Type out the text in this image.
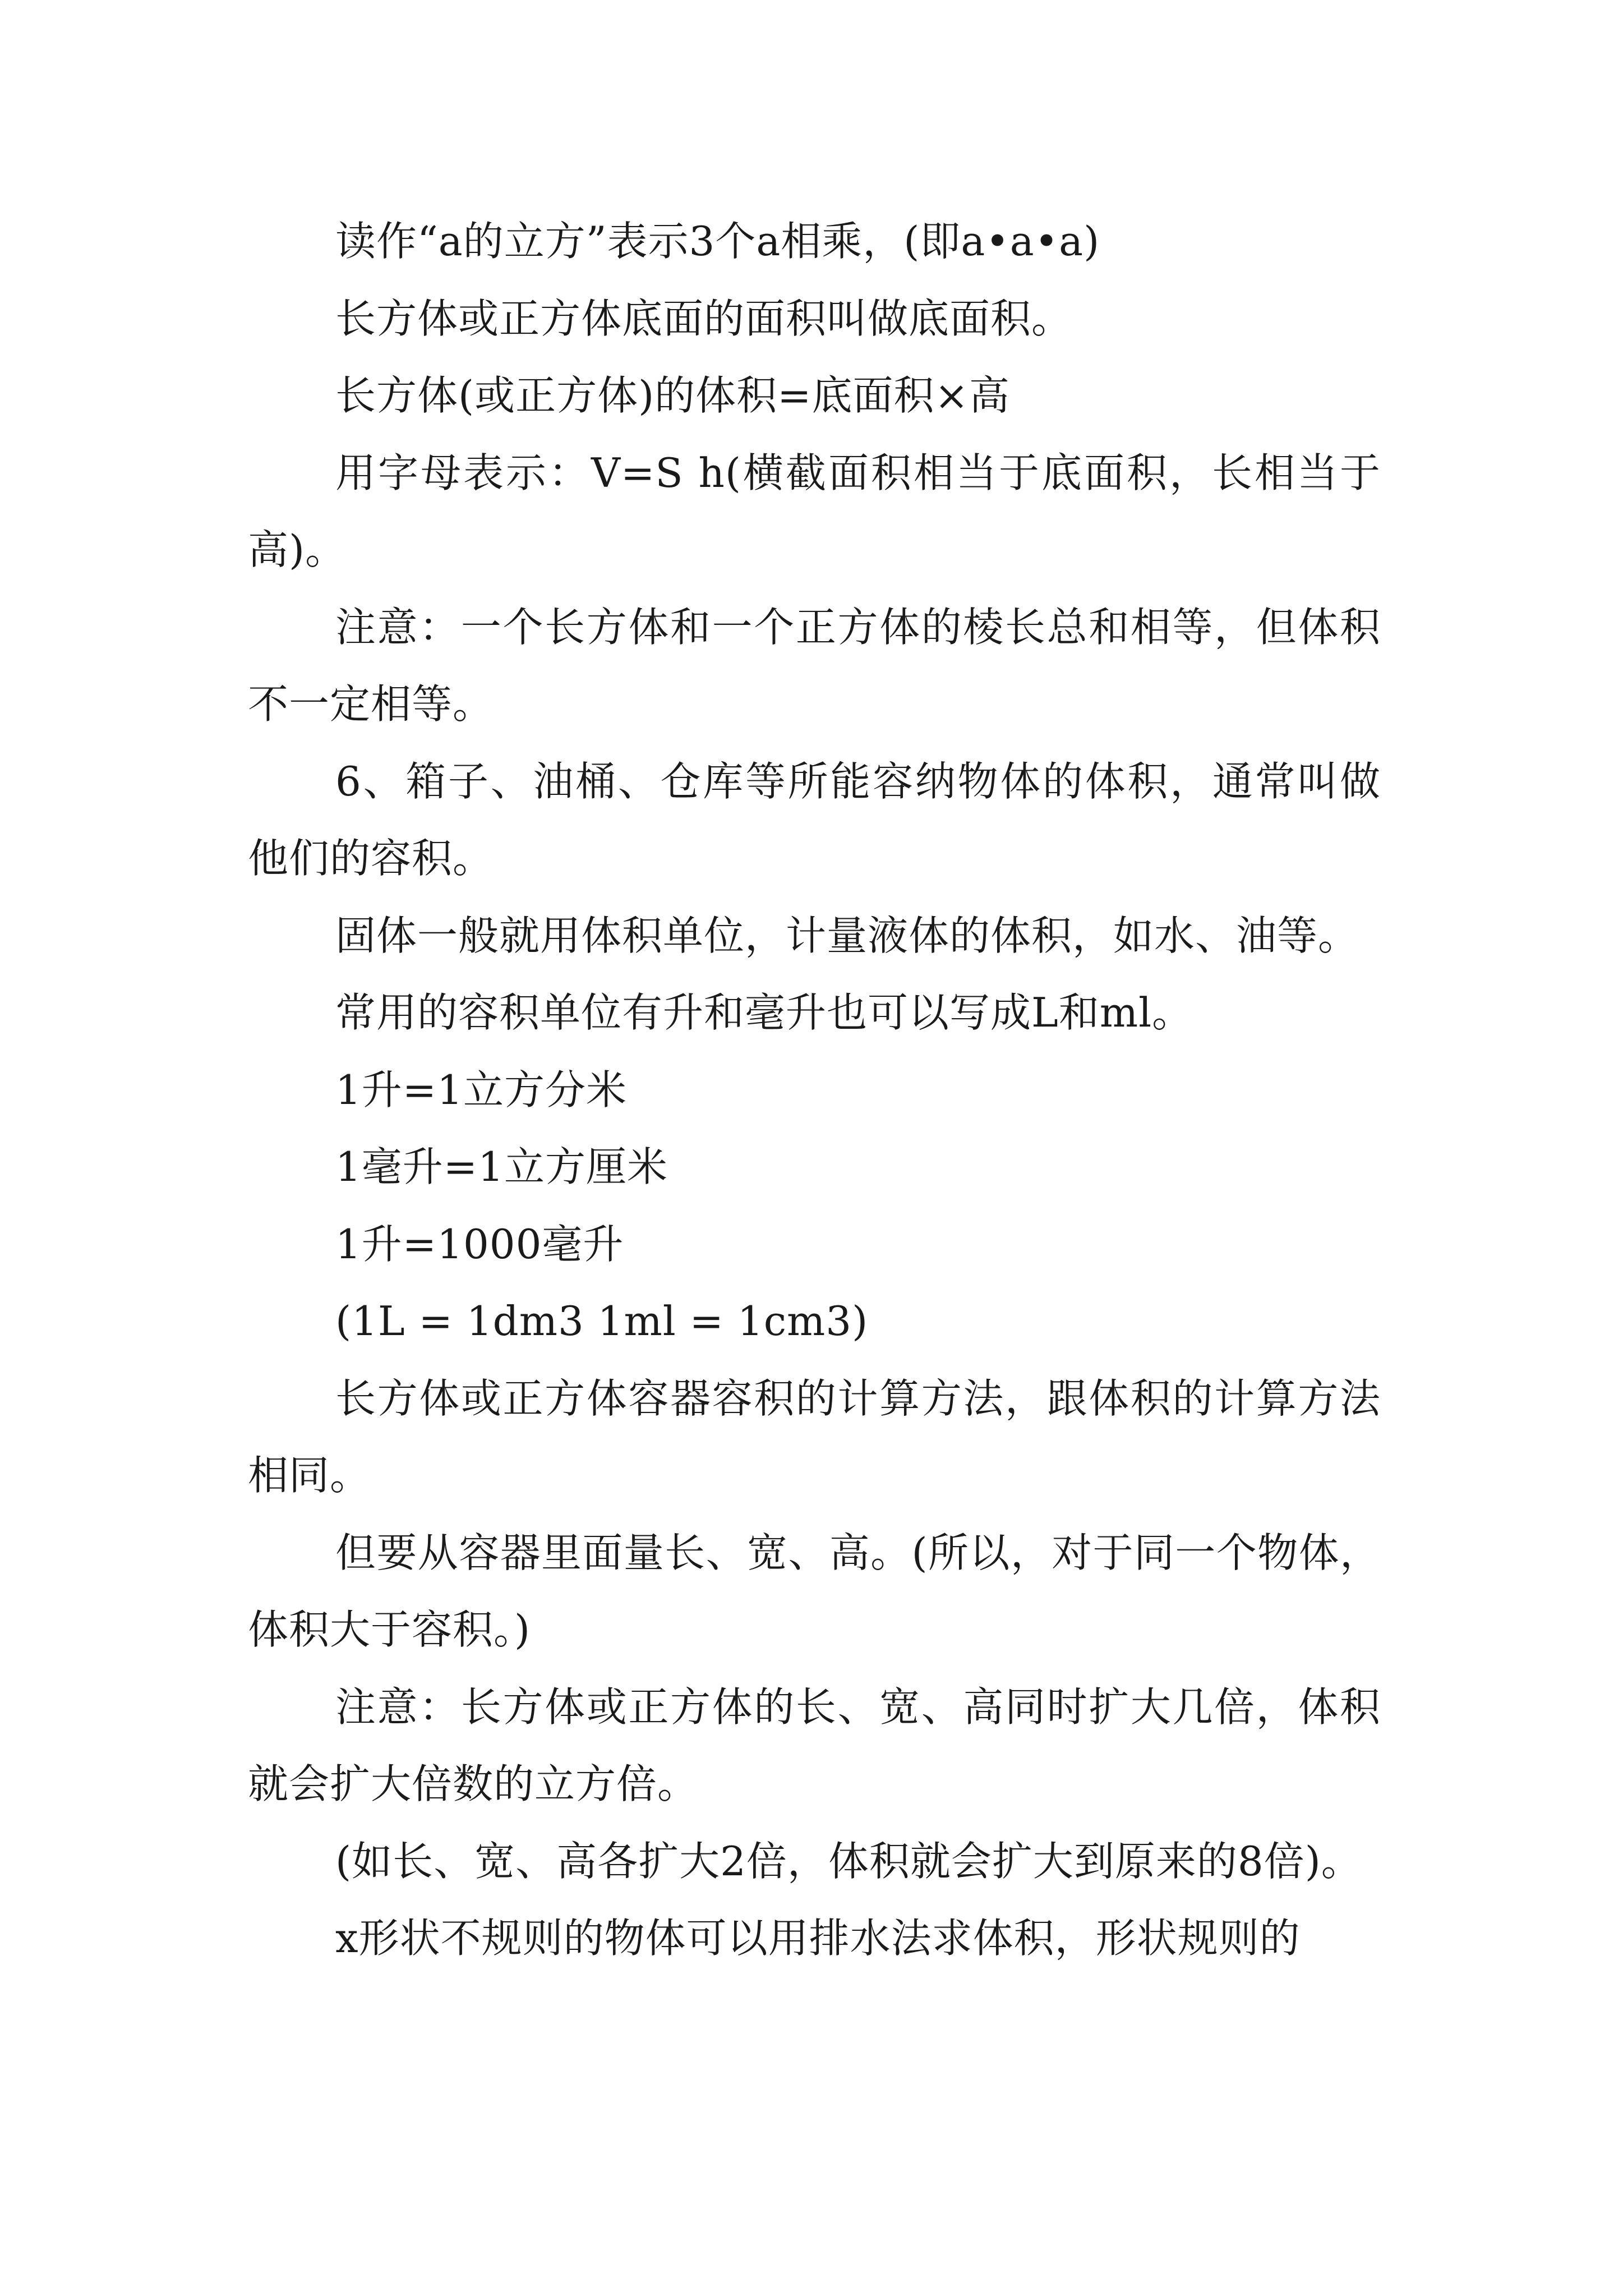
读作“a的立方”表示3个a相乘，(即a•a•a)

长方体或正方体底面的面积叫做底面积。

长方体(或正方体)的体积=底面积×高

用字母表示：V=S h(横截面积相当于底面积，长相当于高)。

注意：一个长方体和一个正方体的棱长总和相等，但体积不一定相等。

6、箱子、油桶、仓库等所能容纳物体的体积，通常叫做他们的容积。

固体一般就用体积单位，计量液体的体积，如水、油等。

常用的容积单位有升和毫升也可以写成L和ml。

1升=1立方分米

1毫升=1立方厘米

1升=1000毫升

(1L = 1dm3 1ml = 1cm3)

长方体或正方体容器容积的计算方法，跟体积的计算方法相同。

但要从容器里面量长、宽、高。(所以，对于同一个物体，体积大于容积。)

注意：长方体或正方体的长、宽、高同时扩大几倍，体积就会扩大倍数的立方倍。

(如长、宽、高各扩大2倍，体积就会扩大到原来的8倍)。

x形状不规则的物体可以用排水法求体积，形状规则的
